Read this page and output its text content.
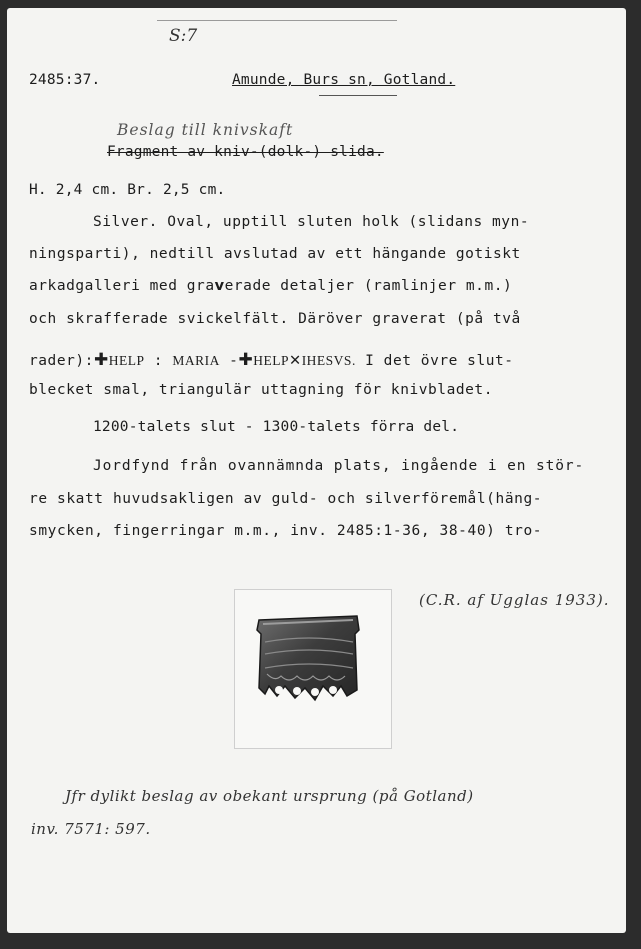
S:7
2485:37.	Amunde, Burs sn, Gotland.
Beslag till knivskaft
Fragment av kniv-(dolk-) slida.
H. 2,4 cm. Br. 2,5 cm.
Silver. Oval, upptill sluten holk (slidans myn-
ningsparti), nedtill avslutad av ett hängande gotiskt
arkadgalleri med graverade detaljer (ramlinjer m.m.)
och skrafferade svickelfält. Däröver graverat (på två
rader):✚HELP : MARIA -✚HELP✕IHESVS. I det övre slut-
blecket smal, triangulär uttagning för knivbladet.
1200-talets slut - 1300-talets förra del.
Jordfynd från ovannämnda plats, ingående i en stör-
re skatt huvudsakligen av guld- och silverföremål(häng-
smycken, fingerringar m.m., inv. 2485:1-36, 38-40) tro-
(C.R. af Ugglas 1933).
Jfr dylikt beslag av obekant ursprung (på Gotland)
inv. 7571: 597.
